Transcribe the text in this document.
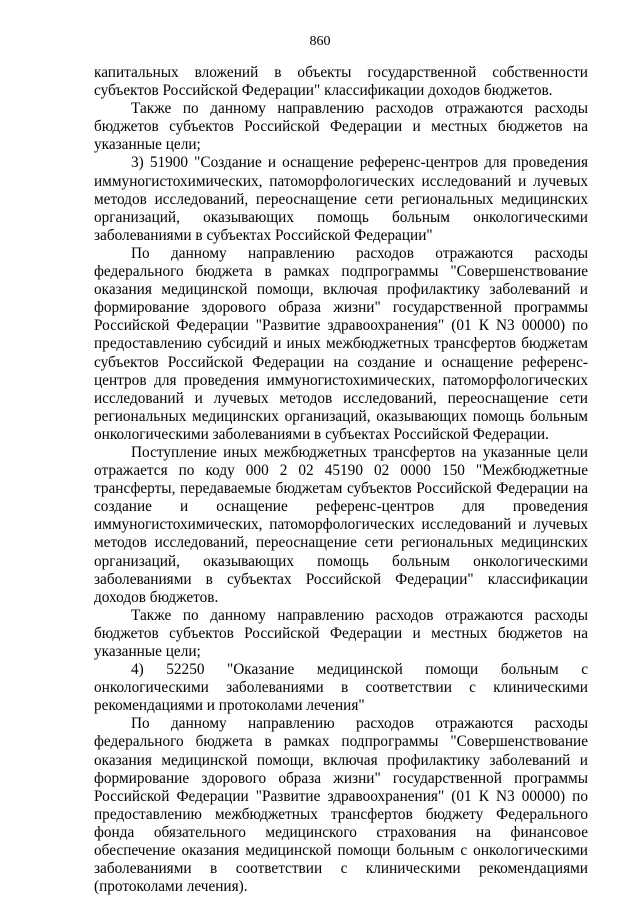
860

капитальных вложений в объекты государственной собственности субъектов Российской Федерации" классификации доходов бюджетов.

Также по данному направлению расходов отражаются расходы бюджетов субъектов Российской Федерации и местных бюджетов на указанные цели;

3) 51900 "Создание и оснащение референс-центров для проведения иммуногистохимических, патоморфологических исследований и лучевых методов исследований, переоснащение сети региональных медицинских организаций, оказывающих помощь больным онкологическими заболеваниями в субъектах Российской Федерации"

По данному направлению расходов отражаются расходы федерального бюджета в рамках подпрограммы "Совершенствование оказания медицинской помощи, включая профилактику заболеваний и формирование здорового образа жизни" государственной программы Российской Федерации "Развитие здравоохранения" (01 К N3 00000) по предоставлению субсидий и иных межбюджетных трансфертов бюджетам субъектов Российской Федерации на создание и оснащение референс-центров для проведения иммуногистохимических, патоморфологических исследований и лучевых методов исследований, переоснащение сети региональных медицинских организаций, оказывающих помощь больным онкологическими заболеваниями в субъектах Российской Федерации.

Поступление иных межбюджетных трансфертов на указанные цели отражается по коду 000 2 02 45190 02 0000 150 "Межбюджетные трансферты, передаваемые бюджетам субъектов Российской Федерации на создание и оснащение референс-центров для проведения иммуногистохимических, патоморфологических исследований и лучевых методов исследований, переоснащение сети региональных медицинских организаций, оказывающих помощь больным онкологическими заболеваниями в субъектах Российской Федерации" классификации доходов бюджетов.

Также по данному направлению расходов отражаются расходы бюджетов субъектов Российской Федерации и местных бюджетов на указанные цели;

4) 52250 "Оказание медицинской помощи больным с онкологическими заболеваниями в соответствии с клиническими рекомендациями и протоколами лечения"

По данному направлению расходов отражаются расходы федерального бюджета в рамках подпрограммы "Совершенствование оказания медицинской помощи, включая профилактику заболеваний и формирование здорового образа жизни" государственной программы Российской Федерации "Развитие здравоохранения" (01 К N3 00000) по предоставлению межбюджетных трансфертов бюджету Федерального фонда обязательного медицинского страхования на финансовое обеспечение оказания медицинской помощи больным с онкологическими заболеваниями в соответствии с клиническими рекомендациями (протоколами лечения).
